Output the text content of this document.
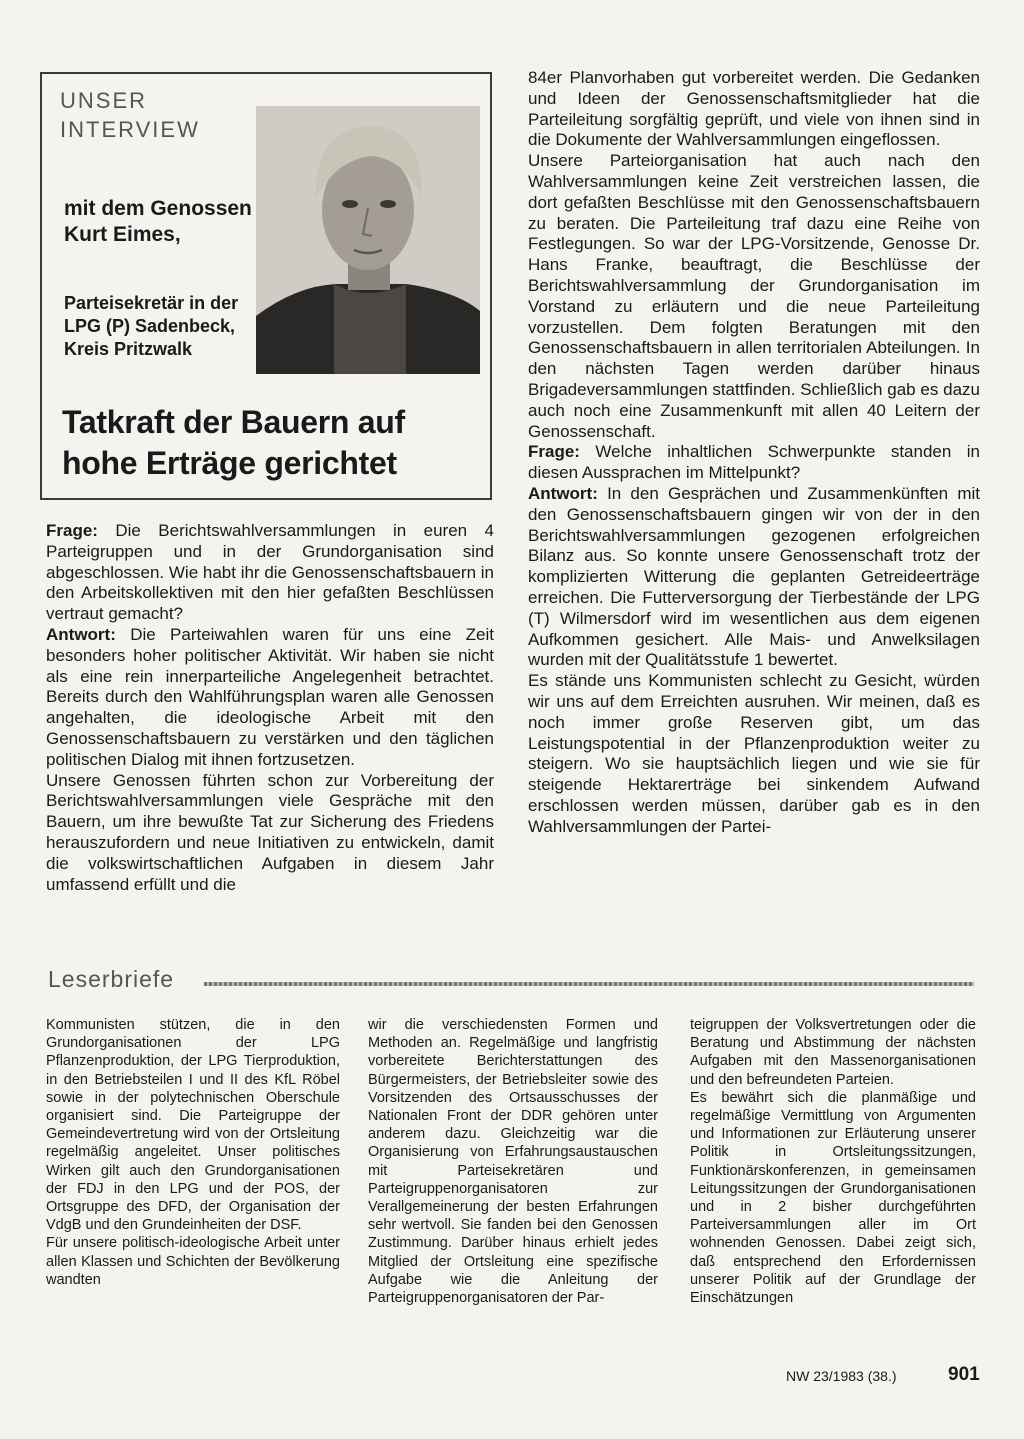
UNSER INTERVIEW
mit dem Genossen Kurt Eimes,
Parteisekretär in der LPG (P) Sadenbeck, Kreis Pritzwalk
Tatkraft der Bauern auf hohe Erträge gerichtet

Frage: Die Berichtswahlversammlungen in euren 4 Parteigruppen und in der Grundorganisation sind abgeschlossen. Wie habt ihr die Genossenschaftsbauern in den Arbeitskollektiven mit den hier gefaßten Beschlüssen vertraut gemacht?

Antwort: Die Parteiwahlen waren für uns eine Zeit besonders hoher politischer Aktivität. Wir haben sie nicht als eine rein innerparteiliche Angelegenheit betrachtet. Bereits durch den Wahlführungsplan waren alle Genossen angehalten, die ideologische Arbeit mit den Genossenschaftsbauern zu verstärken und den täglichen politischen Dialog mit ihnen fortzusetzen.

Unsere Genossen führten schon zur Vorbereitung der Berichtswahlversammlungen viele Gespräche mit den Bauern, um ihre bewußte Tat zur Sicherung des Friedens herauszufordern und neue Initiativen zu entwickeln, damit die volkswirtschaftlichen Aufgaben in diesem Jahr umfassend erfüllt und die

84er Planvorhaben gut vorbereitet werden. Die Gedanken und Ideen der Genossenschaftsmitglieder hat die Parteileitung sorgfältig geprüft, und viele von ihnen sind in die Dokumente der Wahlversammlungen eingeflossen.

Unsere Parteiorganisation hat auch nach den Wahlversammlungen keine Zeit verstreichen lassen, die dort gefaßten Beschlüsse mit den Genossenschaftsbauern zu beraten. Die Parteileitung traf dazu eine Reihe von Festlegungen. So war der LPG-Vorsitzende, Genosse Dr. Hans Franke, beauftragt, die Beschlüsse der Berichtswahlversammlung der Grundorganisation im Vorstand zu erläutern und die neue Parteileitung vorzustellen. Dem folgten Beratungen mit den Genossenschaftsbauern in allen territorialen Abteilungen. In den nächsten Tagen werden darüber hinaus Brigadeversammlungen stattfinden. Schließlich gab es dazu auch noch eine Zusammenkunft mit allen 40 Leitern der Genossenschaft.

Frage: Welche inhaltlichen Schwerpunkte standen in diesen Aussprachen im Mittelpunkt?

Antwort: In den Gesprächen und Zusammenkünften mit den Genossenschaftsbauern gingen wir von der in den Berichtswahlversammlungen gezogenen erfolgreichen Bilanz aus. So konnte unsere Genossenschaft trotz der komplizierten Witterung die geplanten Getreideerträge erreichen. Die Futterversorgung der Tierbestände der LPG (T) Wilmersdorf wird im wesentlichen aus dem eigenen Aufkommen gesichert. Alle Mais- und Anwelksilagen wurden mit der Qualitätsstufe 1 bewertet.

Es stände uns Kommunisten schlecht zu Gesicht, würden wir uns auf dem Erreichten ausruhen. Wir meinen, daß es noch immer große Reserven gibt, um das Leistungspotential in der Pflanzenproduktion weiter zu steigern. Wo sie hauptsächlich liegen und wie sie für steigende Hektarerträge bei sinkendem Aufwand erschlossen werden müssen, darüber gab es in den Wahlversammlungen der Partei-

Leserbriefe

Kommunisten stützen, die in den Grundorganisationen der LPG Pflanzenproduktion, der LPG Tierproduktion, in den Betriebsteilen I und II des KfL Röbel sowie in der polytechnischen Oberschule organisiert sind. Die Parteigruppe der Gemeindevertretung wird von der Ortsleitung regelmäßig angeleitet. Unser politisches Wirken gilt auch den Grundorganisationen der FDJ in den LPG und der POS, der Ortsgruppe des DFD, der Organisation der VdgB und den Grundeinheiten der DSF.

Für unsere politisch-ideologische Arbeit unter allen Klassen und Schichten der Bevölkerung wandten

wir die verschiedensten Formen und Methoden an. Regelmäßige und langfristig vorbereitete Berichterstattungen des Bürgermeisters, der Betriebsleiter sowie des Vorsitzenden des Ortsausschusses der Nationalen Front der DDR gehören unter anderem dazu. Gleichzeitig war die Organisierung von Erfahrungsaustauschen mit Parteisekretären und Parteigruppenorganisatoren zur Verallgemeinerung der besten Erfahrungen sehr wertvoll. Sie fanden bei den Genossen Zustimmung. Darüber hinaus erhielt jedes Mitglied der Ortsleitung eine spezifische Aufgabe wie die Anleitung der Parteigruppenorganisatoren der Par-

teigruppen der Volksvertretungen oder die Beratung und Abstimmung der nächsten Aufgaben mit den Massenorganisationen und den befreundeten Parteien.

Es bewährt sich die planmäßige und regelmäßige Vermittlung von Argumenten und Informationen zur Erläuterung unserer Politik in Ortsleitungssitzungen, Funktionärskonferenzen, in gemeinsamen Leitungssitzungen der Grundorganisationen und in 2 bisher durchgeführten Parteiversammlungen aller im Ort wohnenden Genossen. Dabei zeigt sich, daß entsprechend den Erfordernissen unserer Politik auf der Grundlage der Einschätzungen

NW 23/1983 (38.)	901
